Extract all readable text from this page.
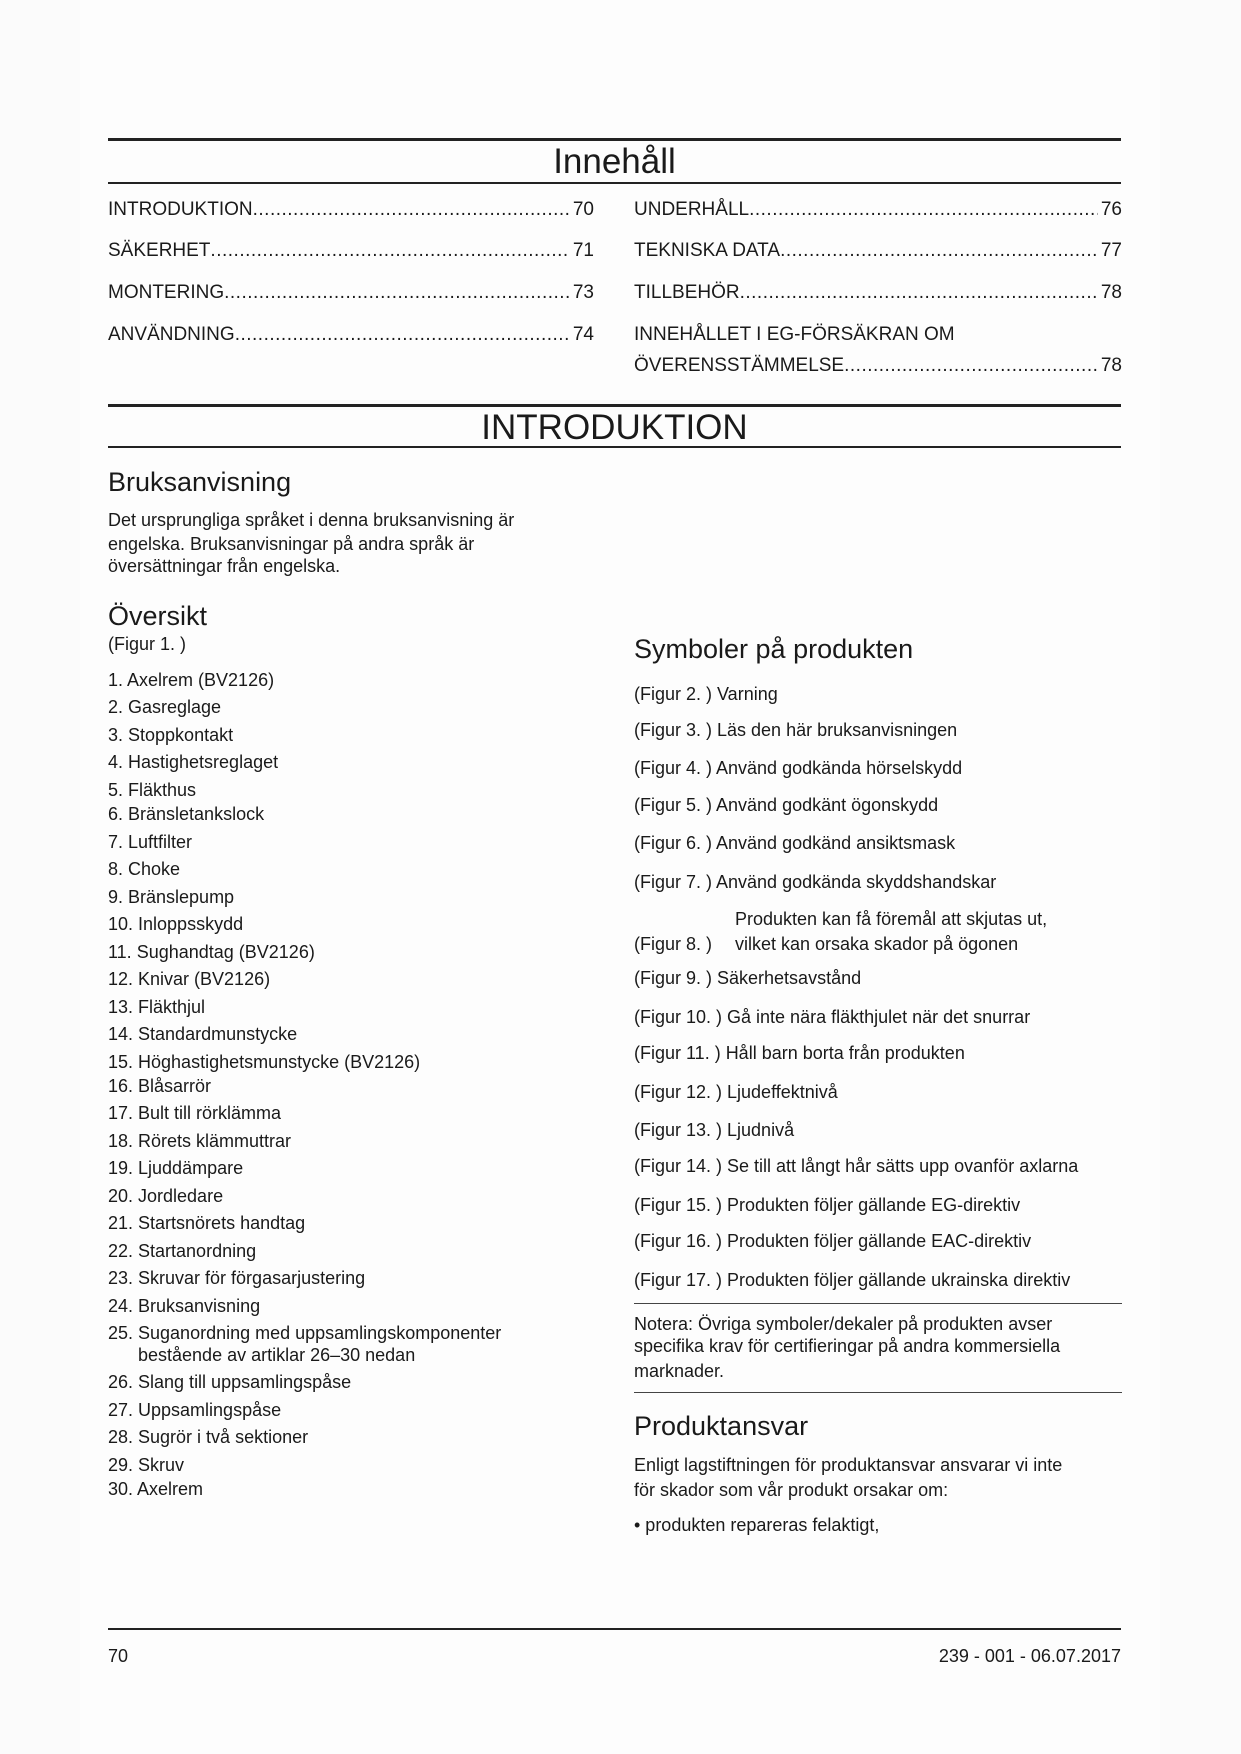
Innehåll
INTRODUKTION .....	70
SÄKERHET .....	71
MONTERING .....	73
ANVÄNDNING .....	74
UNDERHÅLL .....	76
TEKNISKA DATA .....	77
TILLBEHÖR .....	78
INNEHÅLLET I EG-FÖRSÄKRAN OM
ÖVERENSSTÄMMELSE .....	78
INTRODUKTION
Bruksanvisning
Det ursprungliga språket i denna bruksanvisning är
engelska. Bruksanvisningar på andra språk är
översättningar från engelska.
Översikt
(Figur 1. )
1. Axelrem (BV2126)
2. Gasreglage
3. Stoppkontakt
4. Hastighetsreglaget
5. Fläkthus
6. Bränsletankslock
7. Luftfilter
8. Choke
9. Bränslepump
10. Inloppsskydd
11. Sughandtag (BV2126)
12. Knivar (BV2126)
13. Fläkthjul
14. Standardmunstycke
15. Höghastighetsmunstycke (BV2126)
16. Blåsarrör
17. Bult till rörklämma
18. Rörets klämmuttrar
19. Ljuddämpare
20. Jordledare
21. Startsnörets handtag
22. Startanordning
23. Skruvar för förgasarjustering
24. Bruksanvisning
25. Suganordning med uppsamlingskomponenter
bestående av artiklar 26–30 nedan
26. Slang till uppsamlingspåse
27. Uppsamlingspåse
28. Sugrör i två sektioner
29. Skruv
30. Axelrem
Symboler på produkten
(Figur 2. ) Varning
(Figur 3. ) Läs den här bruksanvisningen
(Figur 4. ) Använd godkända hörselskydd
(Figur 5. ) Använd godkänt ögonskydd
(Figur 6. ) Använd godkänd ansiktsmask
(Figur 7. ) Använd godkända skyddshandskar
Produkten kan få föremål att skjutas ut,
(Figur 8. ) vilket kan orsaka skador på ögonen
(Figur 9. ) Säkerhetsavstånd
(Figur 10. ) Gå inte nära fläkthjulet när det snurrar
(Figur 11. ) Håll barn borta från produkten
(Figur 12. ) Ljudeffektnivå
(Figur 13. ) Ljudnivå
(Figur 14. ) Se till att långt hår sätts upp ovanför axlarna
(Figur 15. ) Produkten följer gällande EG-direktiv
(Figur 16. ) Produkten följer gällande EAC-direktiv
(Figur 17. ) Produkten följer gällande ukrainska direktiv
Notera: Övriga symboler/dekaler på produkten avser
specifika krav för certifieringar på andra kommersiella
marknader.
Produktansvar
Enligt lagstiftningen för produktansvar ansvarar vi inte
för skador som vår produkt orsakar om:
• produkten repareras felaktigt,
70	239 - 001 - 06.07.2017
